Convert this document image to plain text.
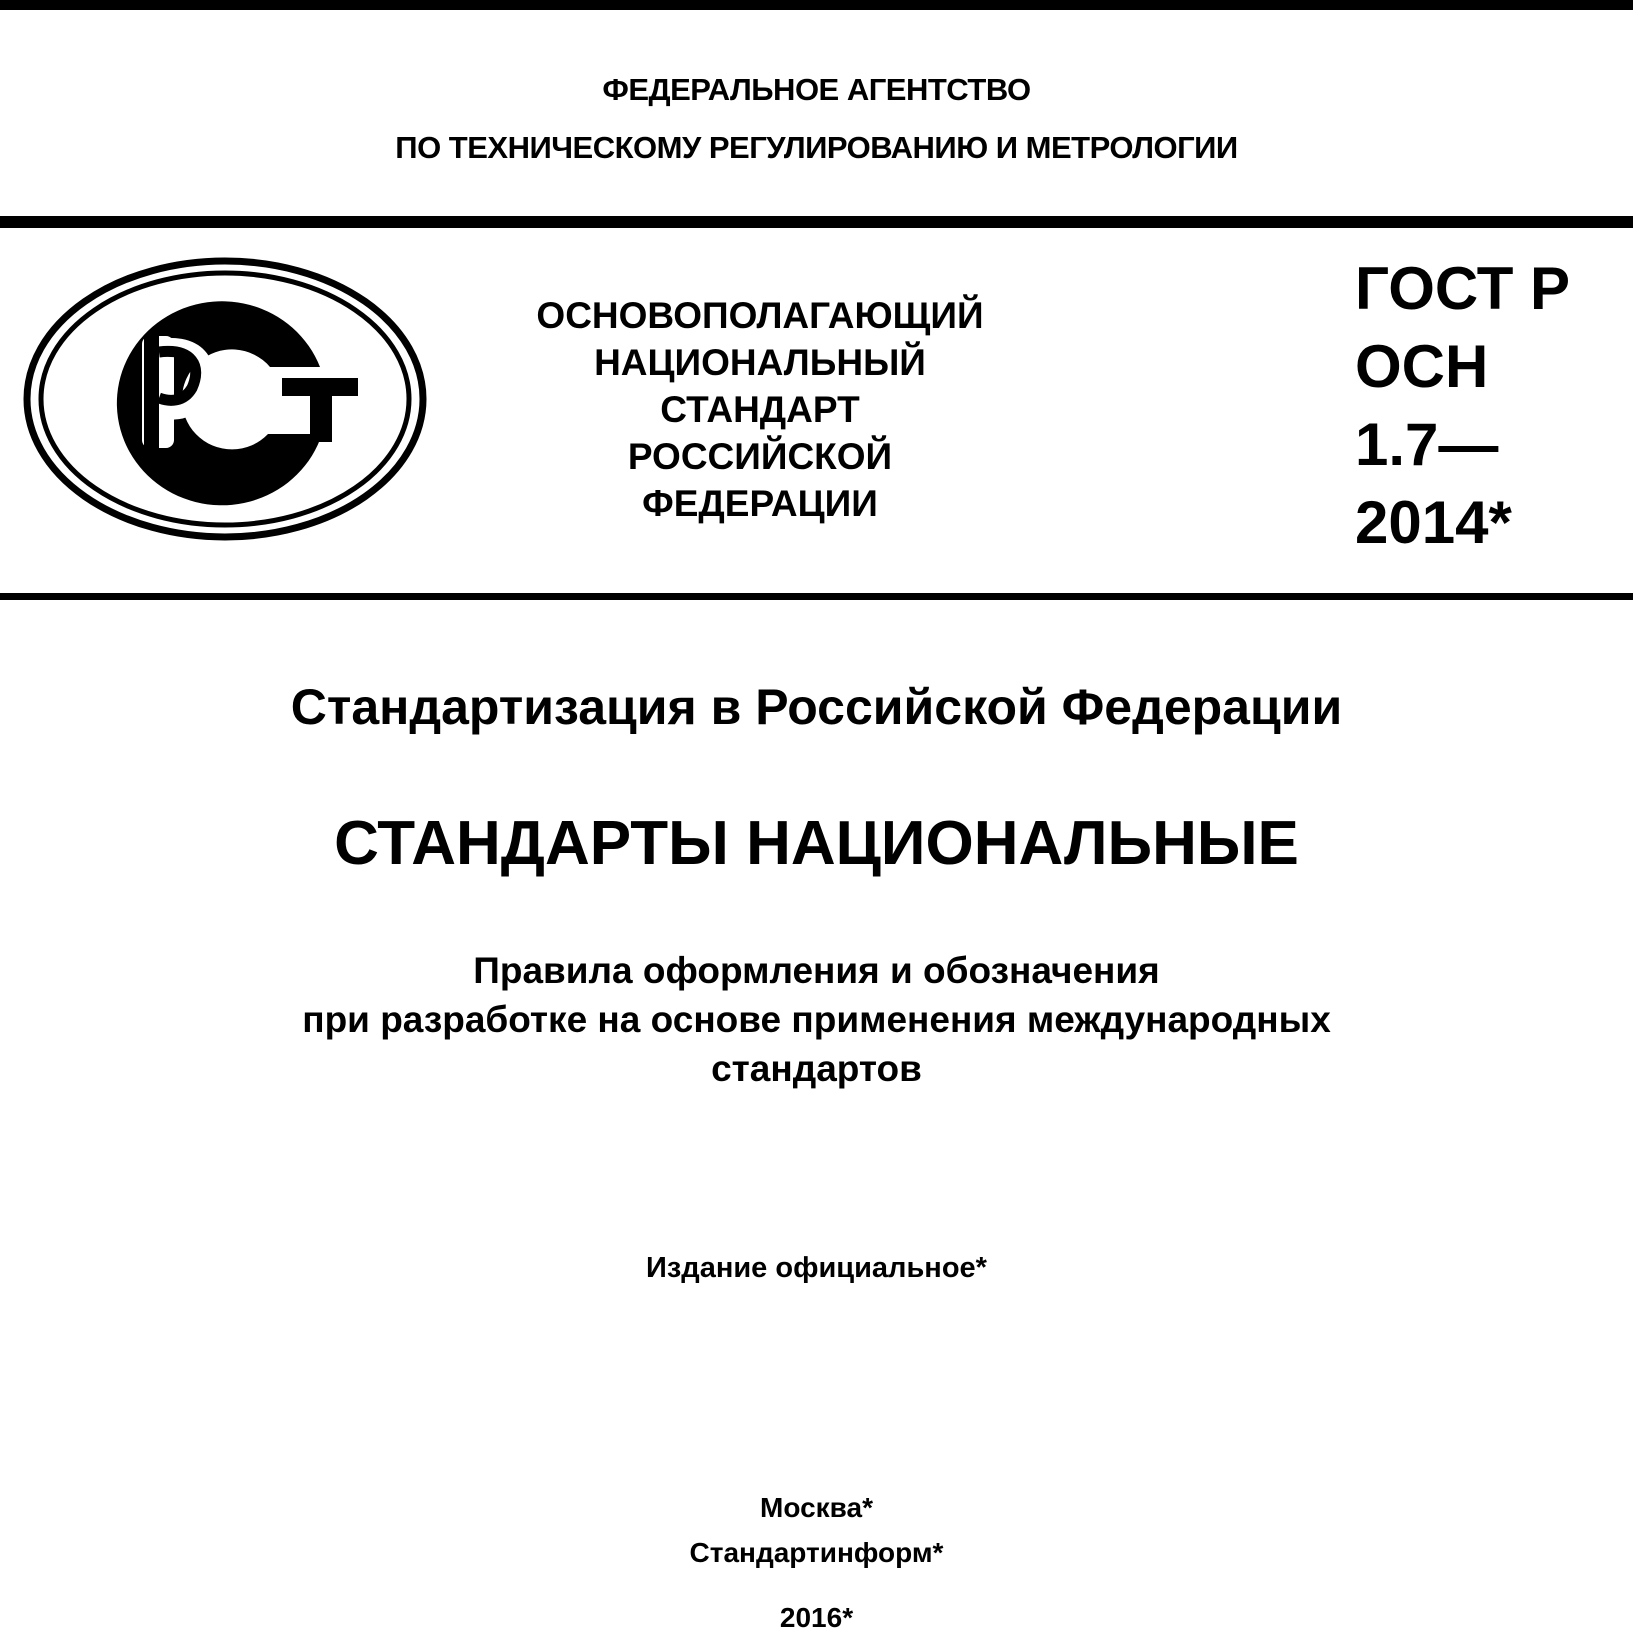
ФЕДЕРАЛЬНОЕ АГЕНТСТВО
ПО ТЕХНИЧЕСКОМУ РЕГУЛИРОВАНИЮ И МЕТРОЛОГИИ
ОСНОВОПОЛАГАЮЩИЙ
НАЦИОНАЛЬНЫЙ
СТАНДАРТ
РОССИЙСКОЙ
ФЕДЕРАЦИИ
ГОСТ Р
ОСН
1.7—
2014*
Стандартизация в Российской Федерации
СТАНДАРТЫ НАЦИОНАЛЬНЫЕ
Правила оформления и обозначения
при разработке на основе применения международных
стандартов
Издание официальное*
Москва*
Стандартинформ*
2016*
